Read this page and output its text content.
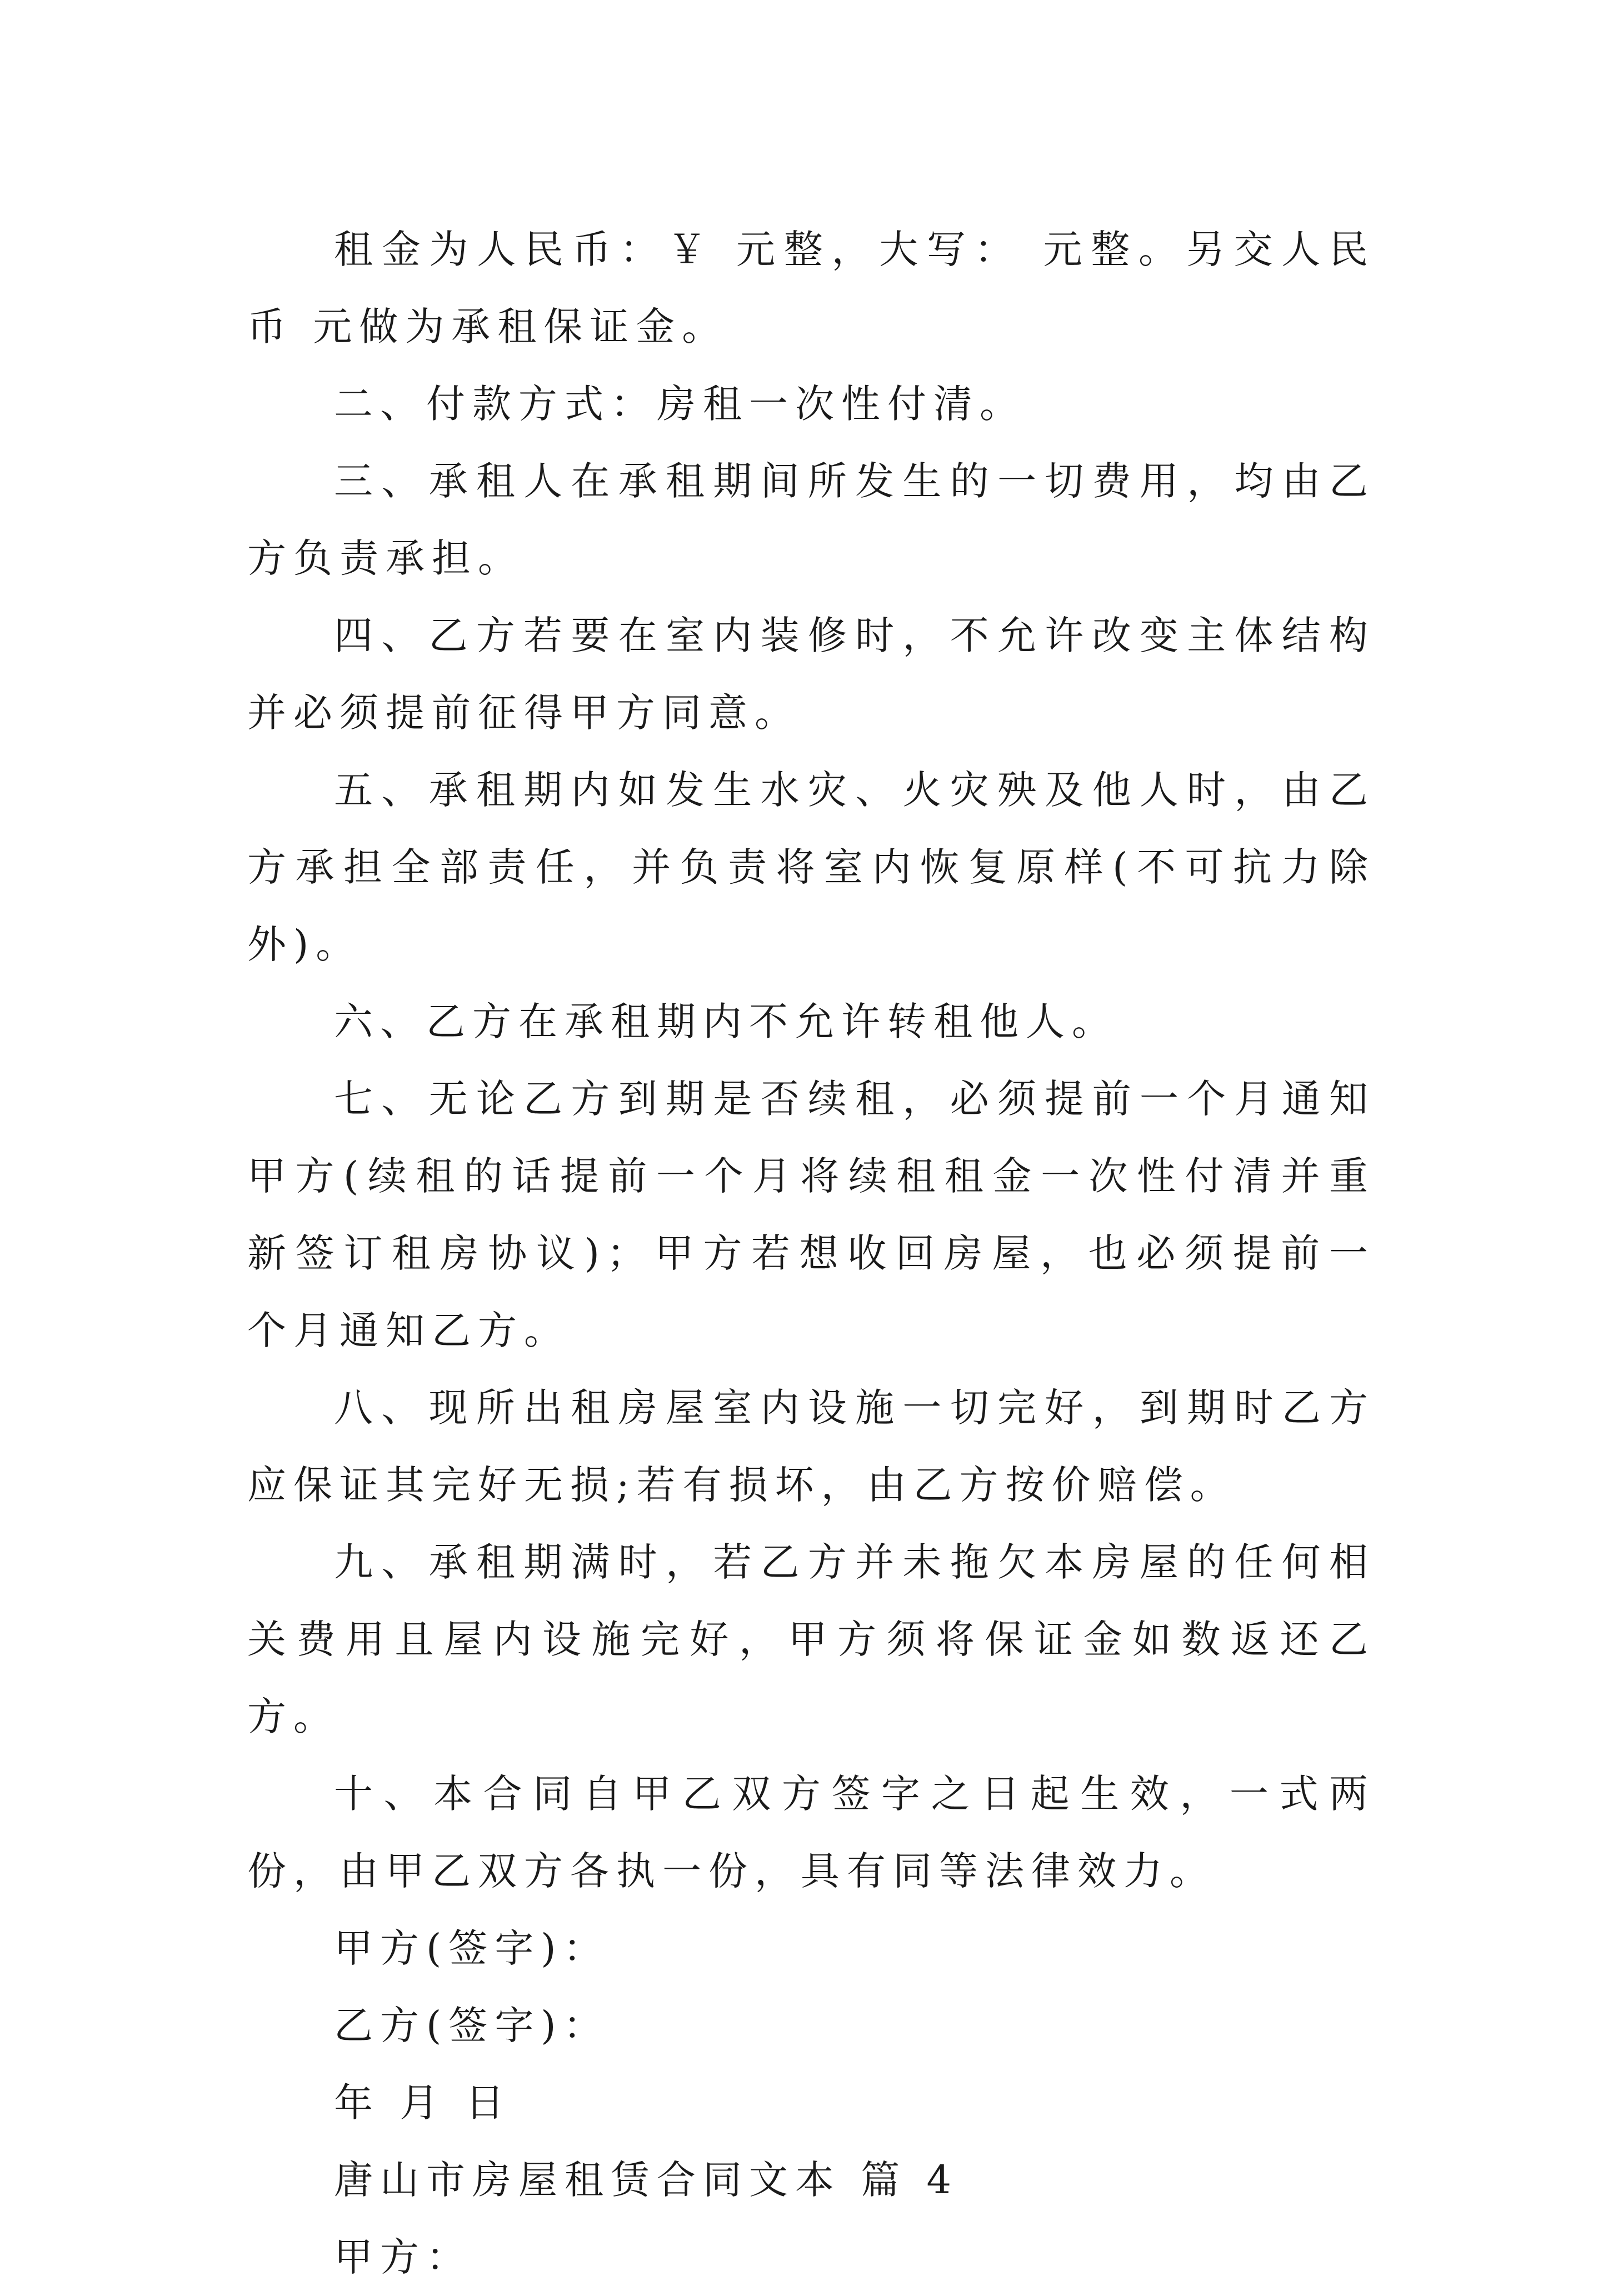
租金为人民币：￥ 元整，大写： 元整。另交人民币 元做为承租保证金。

二、付款方式：房租一次性付清。

三、承租人在承租期间所发生的一切费用，均由乙方负责承担。

四、乙方若要在室内装修时，不允许改变主体结构并必须提前征得甲方同意。

五、承租期内如发生水灾、火灾殃及他人时，由乙方承担全部责任，并负责将室内恢复原样(不可抗力除外)。

六、乙方在承租期内不允许转租他人。

七、无论乙方到期是否续租，必须提前一个月通知甲方(续租的话提前一个月将续租租金一次性付清并重新签订租房协议)；甲方若想收回房屋，也必须提前一个月通知乙方。

八、现所出租房屋室内设施一切完好，到期时乙方应保证其完好无损;若有损坏，由乙方按价赔偿。

九、承租期满时，若乙方并未拖欠本房屋的任何相关费用且屋内设施完好，甲方须将保证金如数返还乙方。

十、本合同自甲乙双方签字之日起生效，一式两份，由甲乙双方各执一份，具有同等法律效力。

甲方(签字)：

乙方(签字)：

年 月 日

唐山市房屋租赁合同文本 篇 4

甲方：
